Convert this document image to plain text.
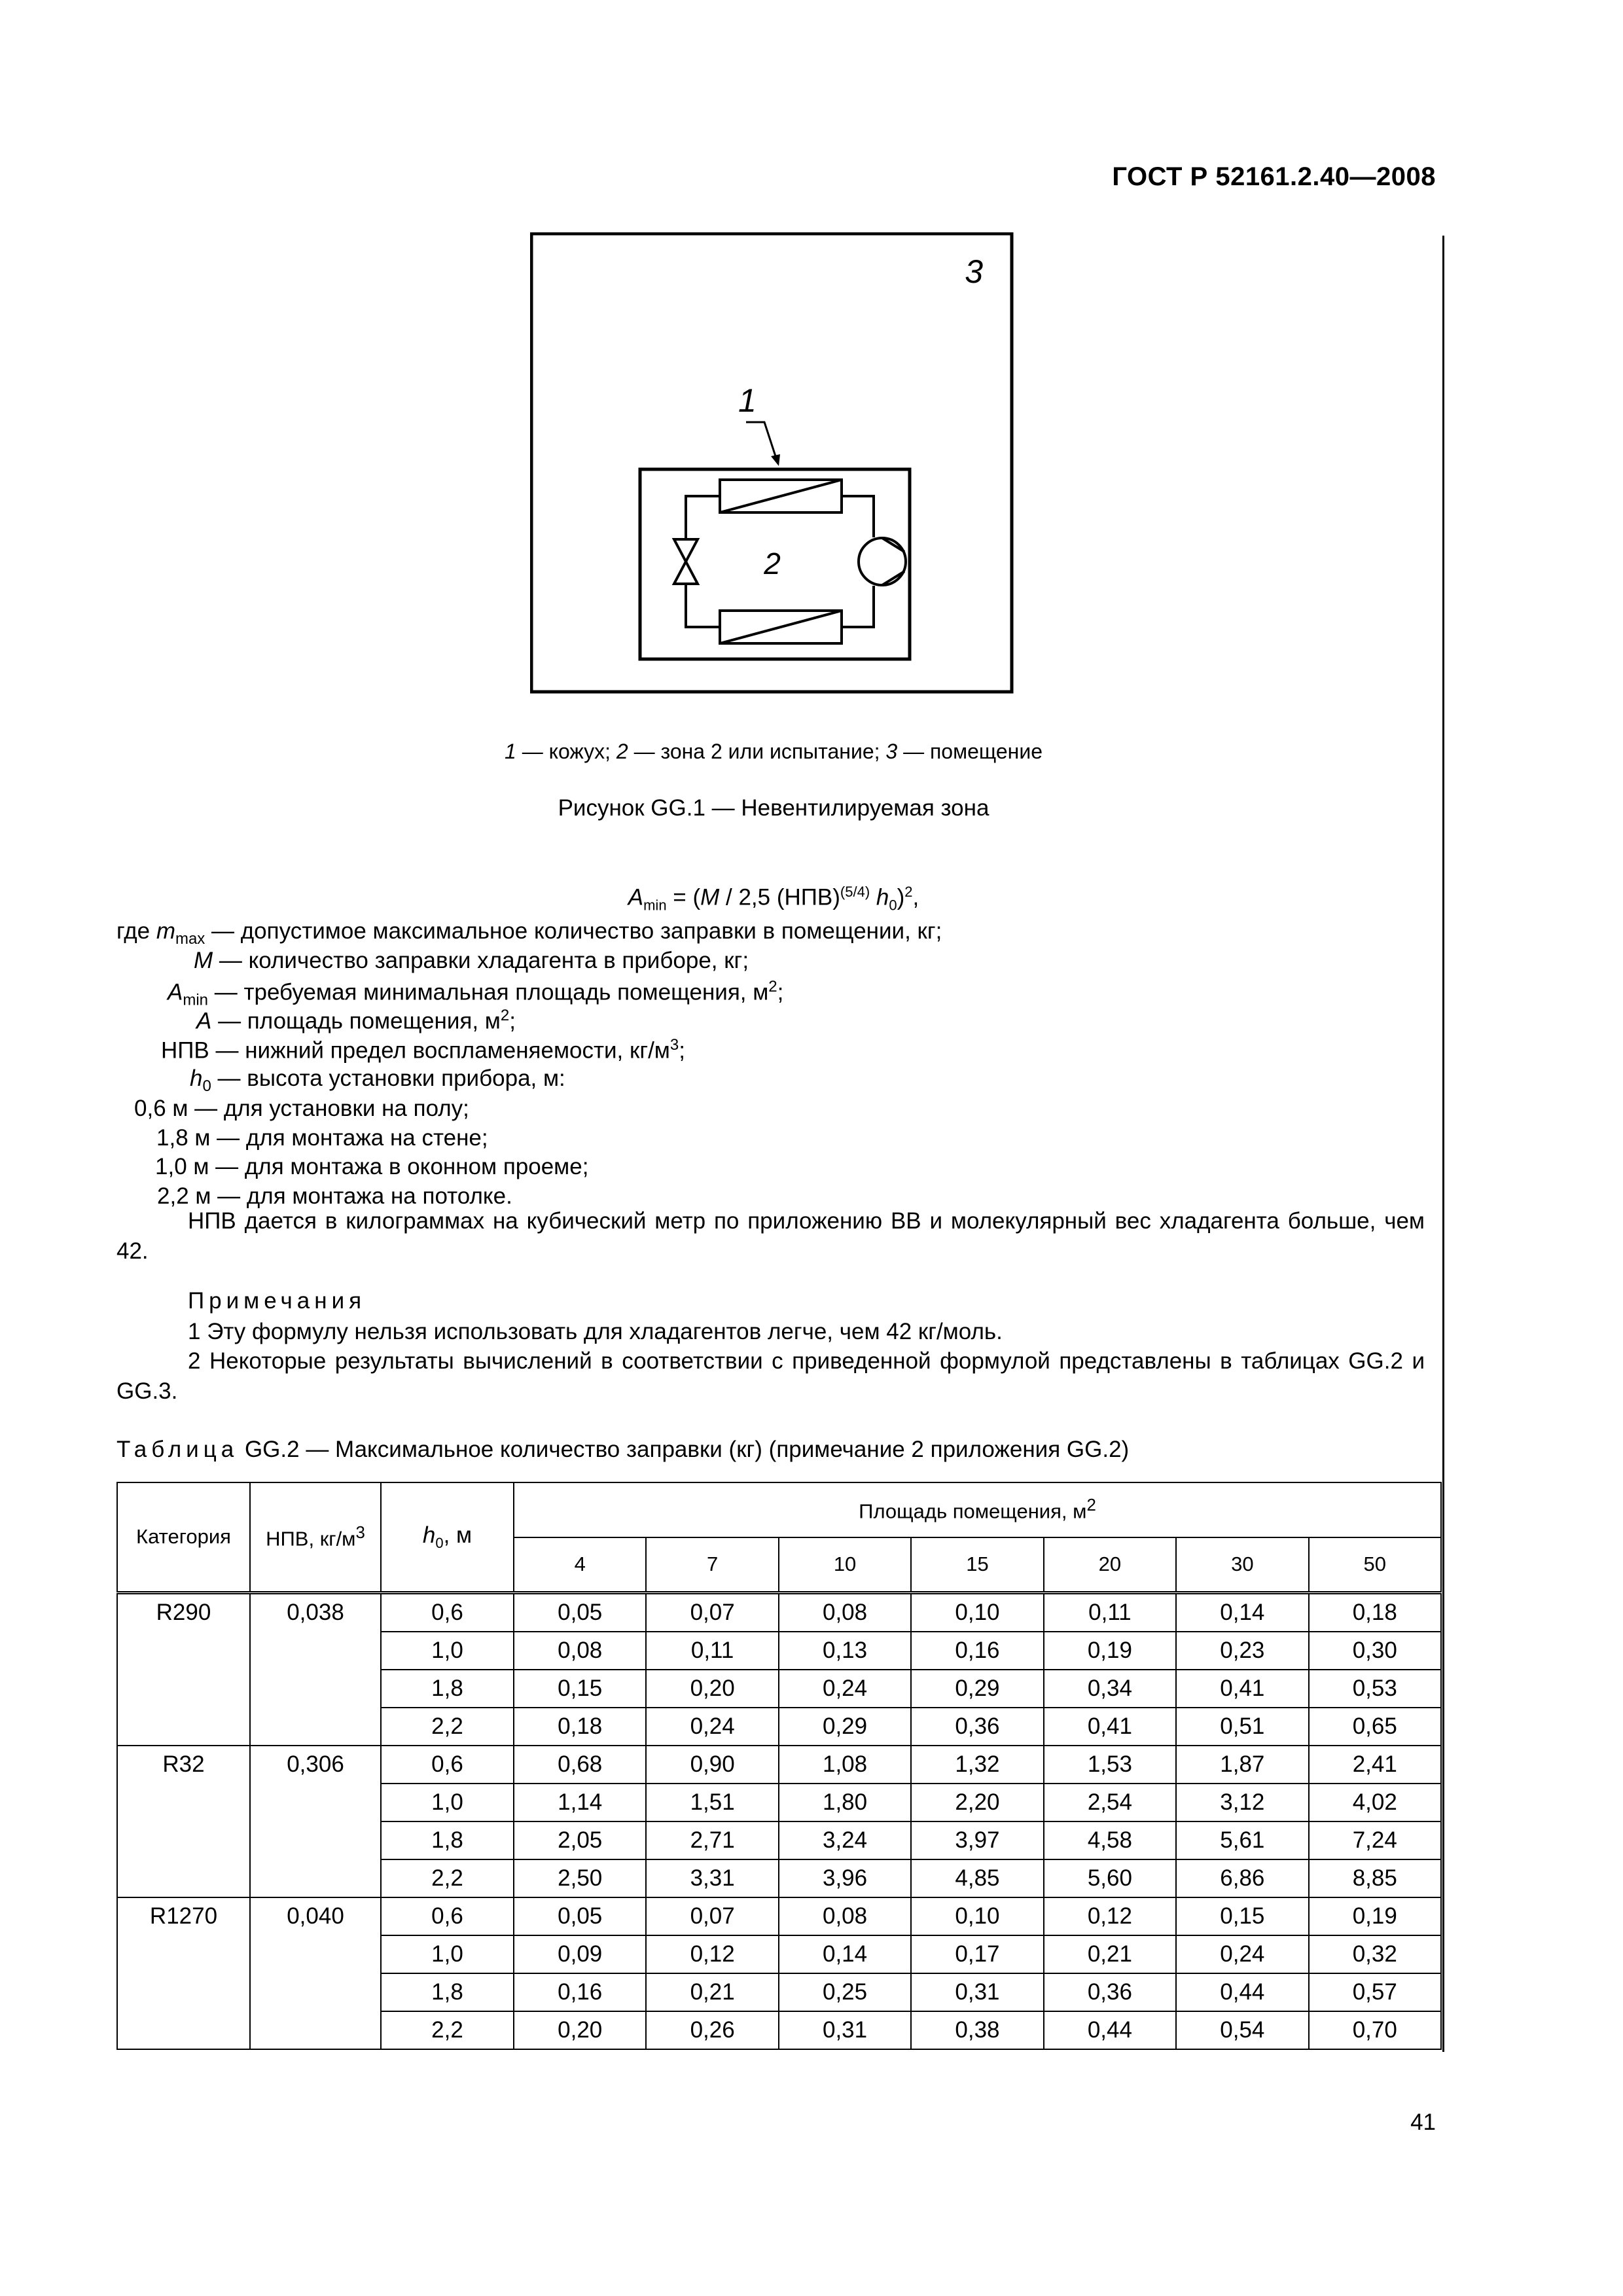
ГОСТ Р 52161.2.40—2008
3
1
2
1 — кожух; 2 — зона 2 или испытание; 3 — помещение
Рисунок GG.1 — Невентилируемая зона
$A_{min} = (M / 2,5$ (НПВ)$^{(5/4)}$ $h_0)^2$,
где $m_{max}$ — допустимое максимальное количество заправки в помещении, кг;
M — количество заправки хладагента в приборе, кг;
$A_{min}$ — требуемая минимальная площадь помещения, $м^2$;
A — площадь помещения, $м^2$;
НПВ — нижний предел воспламеняемости, $кг/м^3$;
$h_0$ — высота установки прибора, м:
0,6 м — для установки на полу;
1,8 м — для монтажа на стене;
1,0 м — для монтажа в оконном проеме;
2,2 м — для монтажа на потолке.
НПВ дается в килограммах на кубический метр по приложению ВВ и молекулярный вес хладагента больше, чем 42.
Примечания
1 Эту формулу нельзя использовать для хладагентов легче, чем 42 кг/моль.
2 Некоторые результаты вычислений в соответствии с приведенной формулой представлены в таблицах GG.2 и GG.3.
Таблица GG.2 — Максимальное количество заправки (кг) (примечание 2 приложения GG.2)
Категория	НПВ, $кг/м^3$	$h_0$, м	Площадь помещения, $м^2$
			4	7	10	15	20	30	50
R290	0,038	0,6	0,05	0,07	0,08	0,10	0,11	0,14	0,18
		1,0	0,08	0,11	0,13	0,16	0,19	0,23	0,30
		1,8	0,15	0,20	0,24	0,29	0,34	0,41	0,53
		2,2	0,18	0,24	0,29	0,36	0,41	0,51	0,65
R32	0,306	0,6	0,68	0,90	1,08	1,32	1,53	1,87	2,41
		1,0	1,14	1,51	1,80	2,20	2,54	3,12	4,02
		1,8	2,05	2,71	3,24	3,97	4,58	5,61	7,24
		2,2	2,50	3,31	3,96	4,85	5,60	6,86	8,85
R1270	0,040	0,6	0,05	0,07	0,08	0,10	0,12	0,15	0,19
		1,0	0,09	0,12	0,14	0,17	0,21	0,24	0,32
		1,8	0,16	0,21	0,25	0,31	0,36	0,44	0,57
		2,2	0,20	0,26	0,31	0,38	0,44	0,54	0,70
41
